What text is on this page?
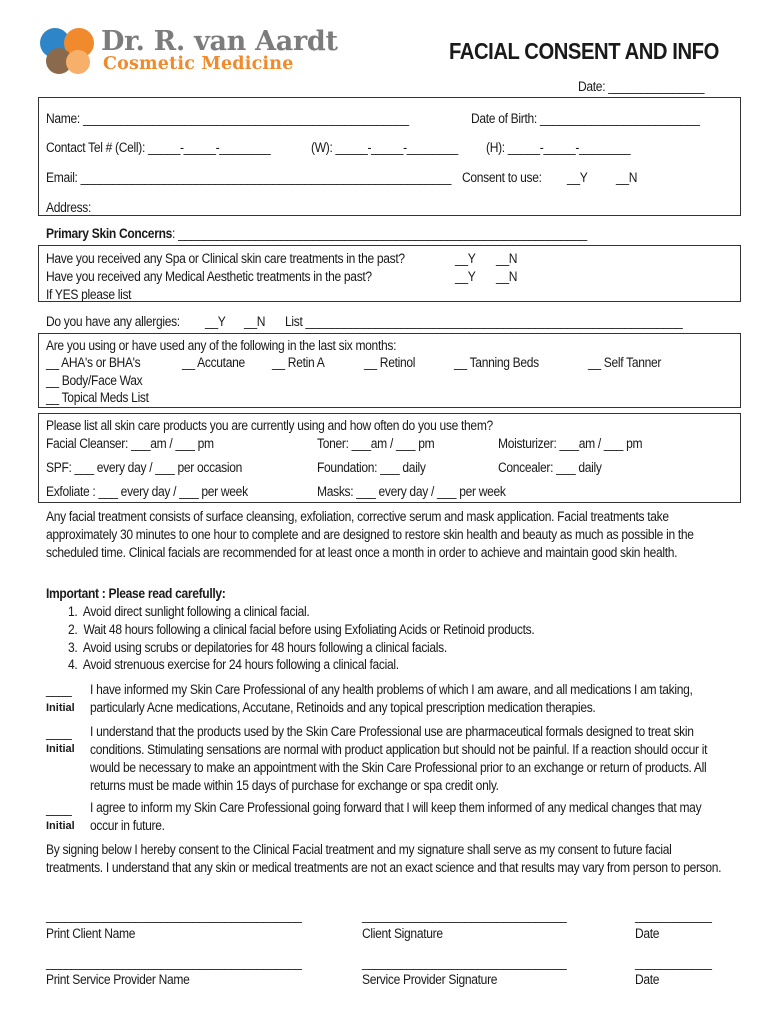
Dr. R. van Aardt
Cosmetic Medicine	FACIAL CONSENT AND INFO
Date: _______________
Name: ___________________________________________________	Date of Birth: _________________________
Contact Tel # (Cell): _____-_____-________	(W): _____-_____-________ (H): _____-_____-________
Email: __________________________________________________________ Consent to use: __Y __N
Address:
Primary Skin Concerns: ________________________________________________________________
Have you received any Spa or Clinical skin care treatments in the past?	__Y __N
Have you received any Medical Aesthetic treatments in the past?	__Y __N
If YES please list
Do you have any allergies: __Y __N List ___________________________________________________________
Are you using or have used any of the following in the last six months:
__ AHA's or BHA's	__ Accutane __ Retin A	__ Retinol	__ Tanning Beds	__ Self Tanner
__ Body/Face Wax
__ Topical Meds List
Please list all skin care products you are currently using and how often do you use them?
Facial Cleanser: ___am / ___ pm	Toner: ___am / ___ pm	Moisturizer: ___am / ___ pm
SPF: ___ every day / ___ per occasion	Foundation: ___ daily	Concealer: ___ daily
Exfoliate : ___ every day / ___ per week	Masks: ___ every day / ___ per week
Any facial treatment consists of surface cleansing, exfoliation, corrective serum and mask application. Facial treatments take approximately 30 minutes to one hour to complete and are designed to restore skin health and beauty as much as possible in the scheduled time. Clinical facials are recommended for at least once a month in order to achieve and maintain good skin health.
Important : Please read carefully:
1. Avoid direct sunlight following a clinical facial.
2. Wait 48 hours following a clinical facial before using Exfoliating Acids or Retinoid products.
3. Avoid using scrubs or depilatories for 48 hours following a clinical facials.
4. Avoid strenuous exercise for 24 hours following a clinical facial.
____
Initial
I have informed my Skin Care Professional of any health problems of which I am aware, and all medications I am taking, particularly Acne medications, Accutane, Retinoids and any topical prescription medication therapies.
____
Initial
I understand that the products used by the Skin Care Professional use are pharmaceutical formals designed to treat skin conditions. Stimulating sensations are normal with product application but should not be painful. If a reaction should occur it would be necessary to make an appointment with the Skin Care Professional prior to an exchange or return of products. All returns must be made within 15 days of purchase for exchange or spa credit only.
____
Initial
I agree to inform my Skin Care Professional going forward that I will keep them informed of any medical changes that may occur in future.
By signing below I hereby consent to the Clinical Facial treatment and my signature shall serve as my consent to future facial treatments. I understand that any skin or medical treatments are not an exact science and that results may vary from person to person.
________________________________________	________________________________	____________
Print Client Name	Client Signature	Date
________________________________________	________________________________	____________
Print Service Provider Name	Service Provider Signature	Date
